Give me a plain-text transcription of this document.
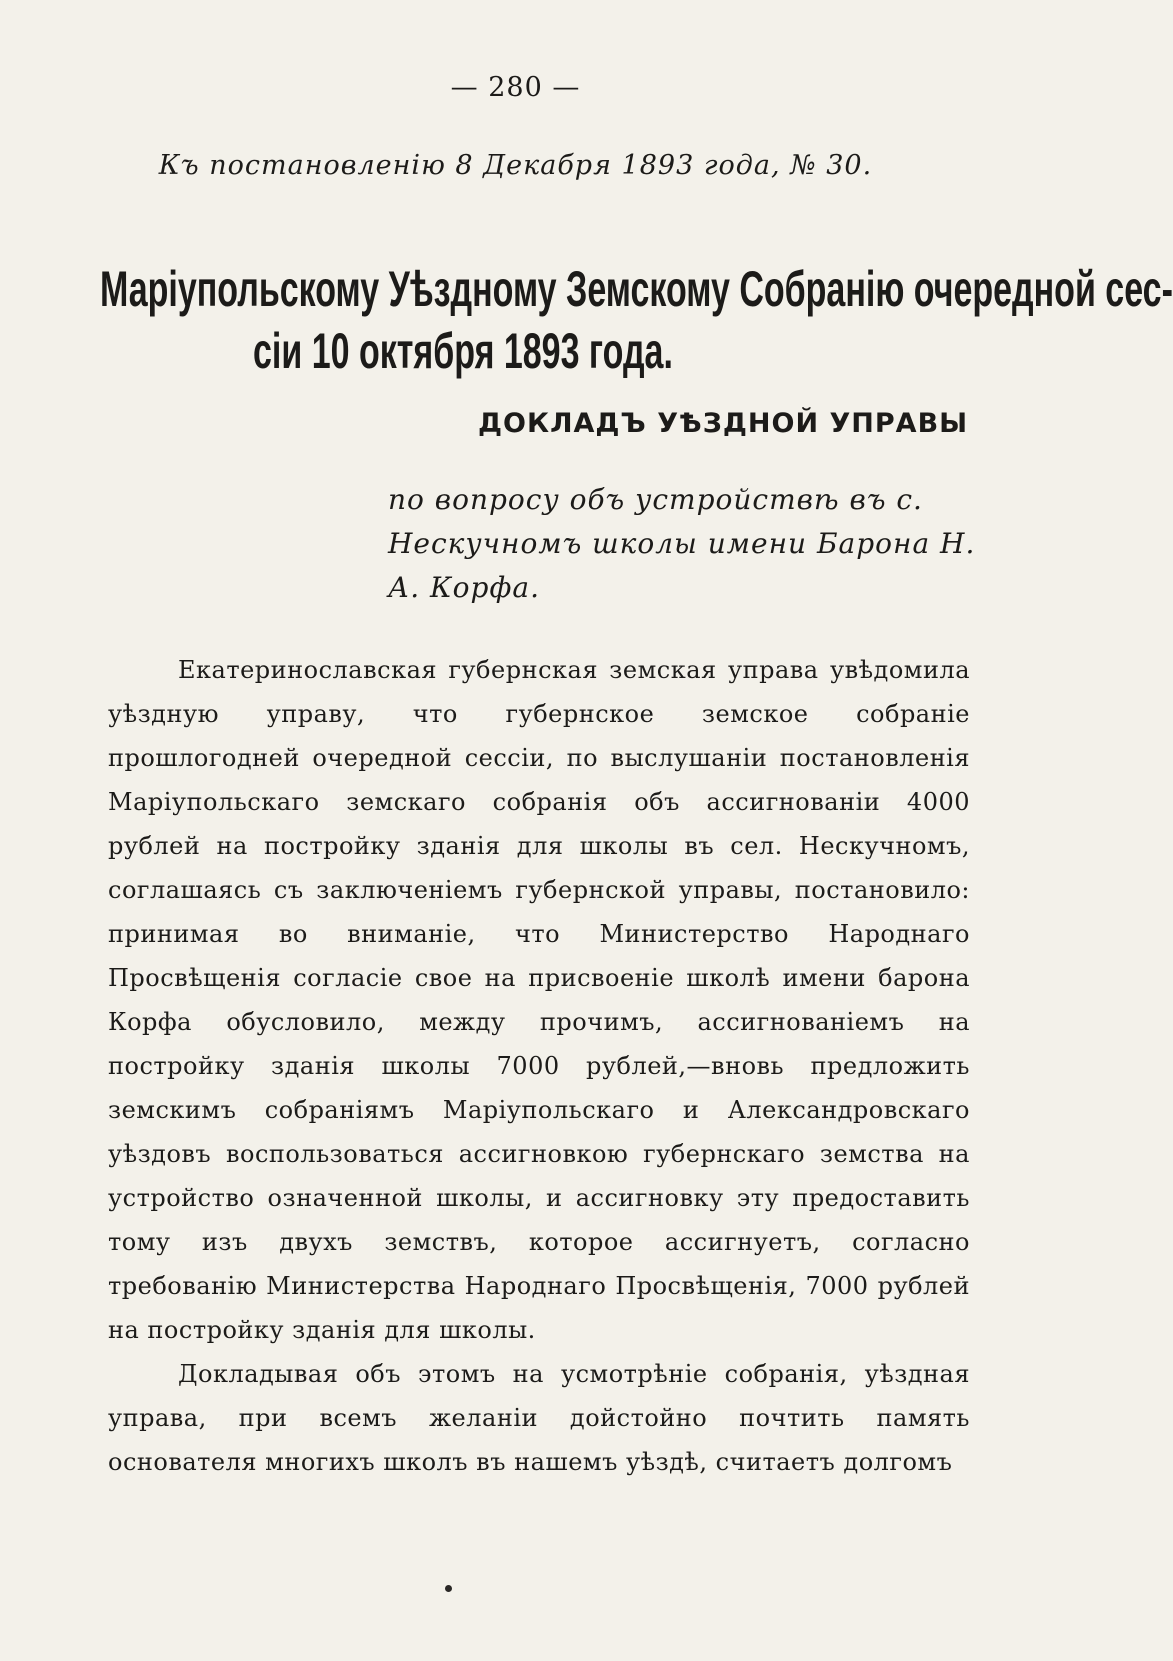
— 280 —
Къ постановленію 8 Декабря 1893 года, № 30.
Маріупольскому Уѣздному Земскому Собранію очередной сес-
сіи 10 октября 1893 года.
ДОКЛАДЪ УѢЗДНОЙ УПРАВЫ
по вопросу объ устройствѣ въ с. Нескучномъ школы имени Барона Н. А. Корфа.

Екатеринославская губернская земская управа увѣдомила уѣздную управу, что губернское земское собраніе прошлогодней очередной сессіи, по выслушаніи постановленія Маріупольскаго земскаго собранія объ ассигнованіи 4000 рублей на постройку зданія для школы въ сел. Нескучномъ, соглашаясь съ заключеніемъ губернской управы, постановило: принимая во вниманіе, что Министерство Народнаго Просвѣщенія согласіе свое на присвоеніе школѣ имени барона Корфа обусловило, между прочимъ, ассигнованіемъ на постройку зданія школы 7000 рублей,—вновь предложить земскимъ собраніямъ Маріупольскаго и Александровскаго уѣздовъ воспользоваться ассигновкою губернскаго земства на устройство означенной школы, и ассигновку эту предоставить тому изъ двухъ земствъ, которое ассигнуетъ, согласно требованію Министерства Народнаго Просвѣщенія, 7000 рублей на постройку зданія для школы.

Докладывая объ этомъ на усмотрѣніе собранія, уѣздная управа, при всемъ желаніи дойстойно почтить память основателя многихъ школъ въ нашемъ уѣздѣ, считаетъ долгомъ
